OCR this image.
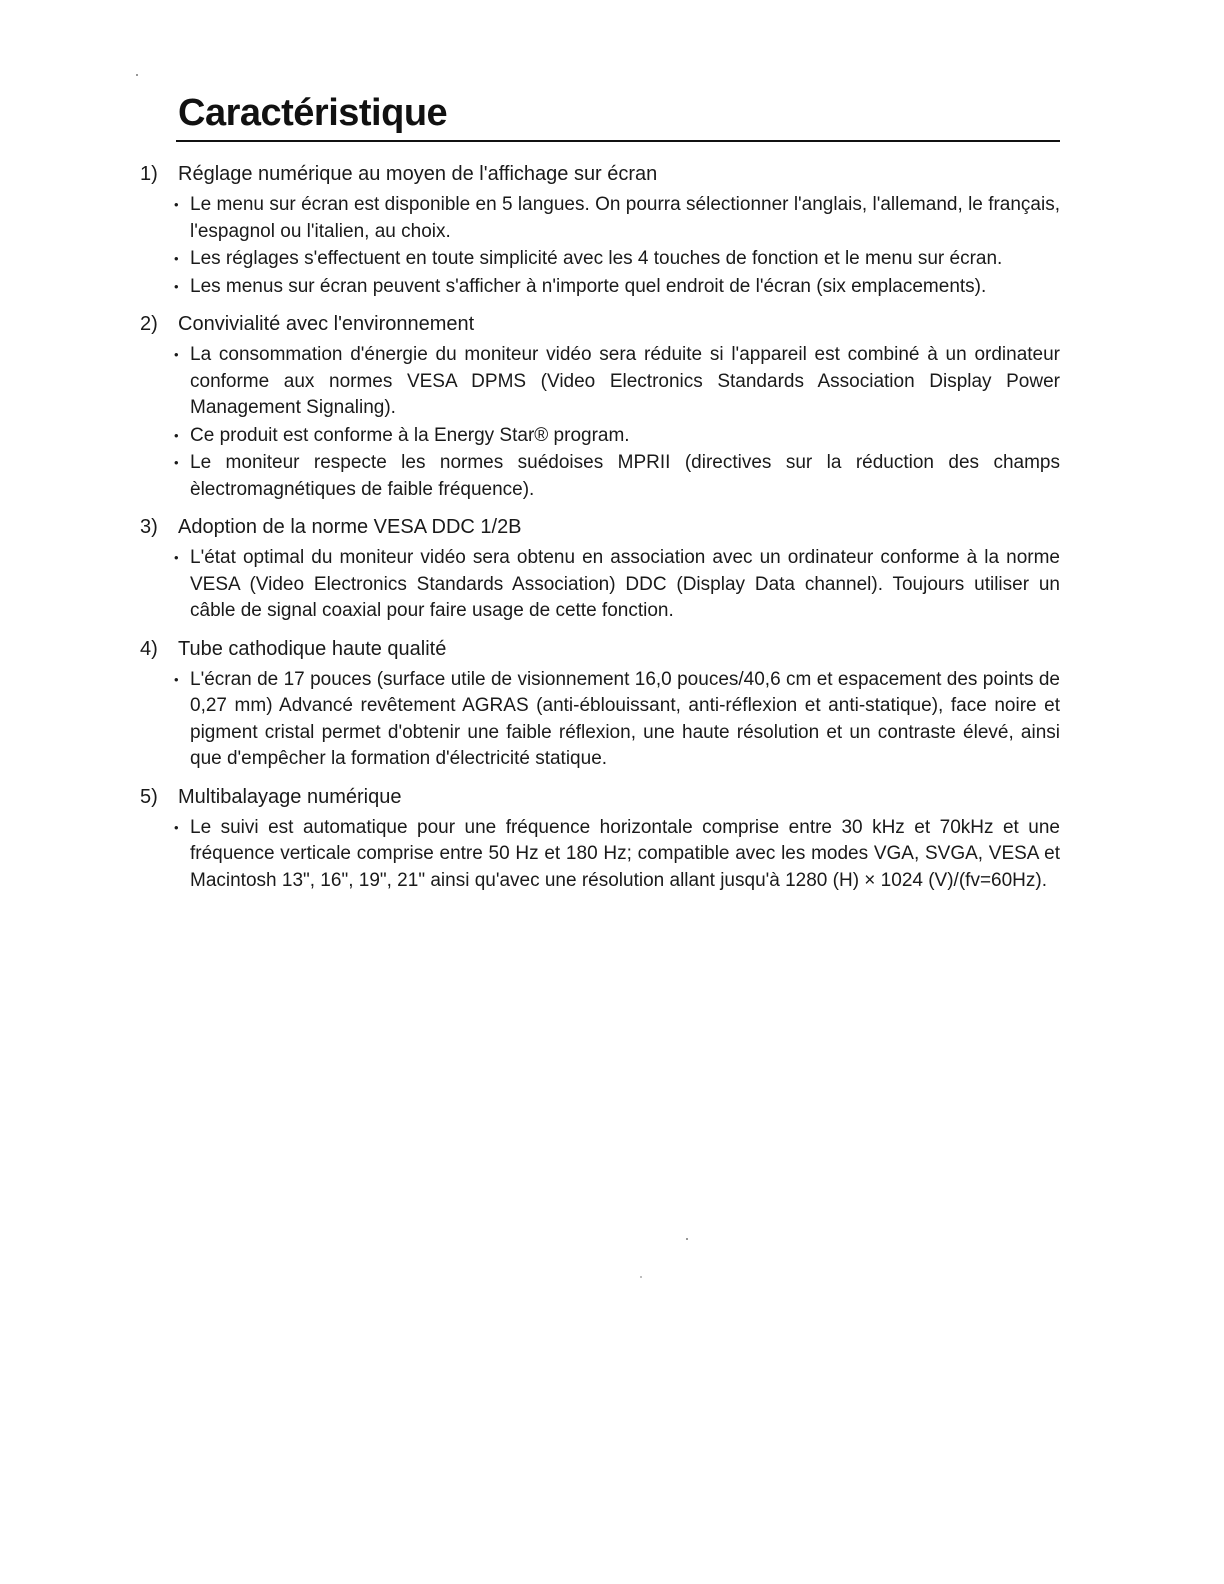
Caractéristique
1)	Réglage numérique au moyen de l'affichage sur écran
• Le menu sur écran est disponible en 5 langues. On pourra sélectionner l'anglais, l'allemand, le français, l'espagnol ou l'italien, au choix.
• Les réglages s'effectuent en toute simplicité avec les 4 touches de fonction et le menu sur écran.
• Les menus sur écran peuvent s'afficher à n'importe quel endroit de l'écran (six emplacements).
2)	Convivialité avec l'environnement
• La consommation d'énergie du moniteur vidéo sera réduite si l'appareil est combiné à un ordinateur conforme aux normes VESA DPMS (Video Electronics Standards Association Display Power Management Signaling).
• Ce produit est conforme à la Energy Star® program.
• Le moniteur respecte les normes suédoises MPRII (directives sur la réduction des champs èlectromagnétiques de faible fréquence).
3)	Adoption de la norme VESA DDC 1/2B
• L'état optimal du moniteur vidéo sera obtenu en association avec un ordinateur conforme à la norme VESA (Video Electronics Standards Association) DDC (Display Data channel). Toujours utiliser un câble de signal coaxial pour faire usage de cette fonction.
4)	Tube cathodique haute qualité
• L'écran de 17 pouces (surface utile de visionnement 16,0 pouces/40,6 cm et espacement des points de 0,27 mm) Advancé revêtement AGRAS (anti-éblouissant, anti-réflexion et anti-statique), face noire et pigment cristal permet d'obtenir une faible réflexion, une haute résolution et un contraste élevé, ainsi que d'empêcher la formation d'électricité statique.
5)	Multibalayage numérique
• Le suivi est automatique pour une fréquence horizontale comprise entre 30 kHz et 70kHz et une fréquence verticale comprise entre 50 Hz et 180 Hz; compatible avec les modes VGA, SVGA, VESA et Macintosh 13", 16", 19", 21" ainsi qu'avec une résolution allant jusqu'à 1280 (H) × 1024 (V)/(fv=60Hz).
